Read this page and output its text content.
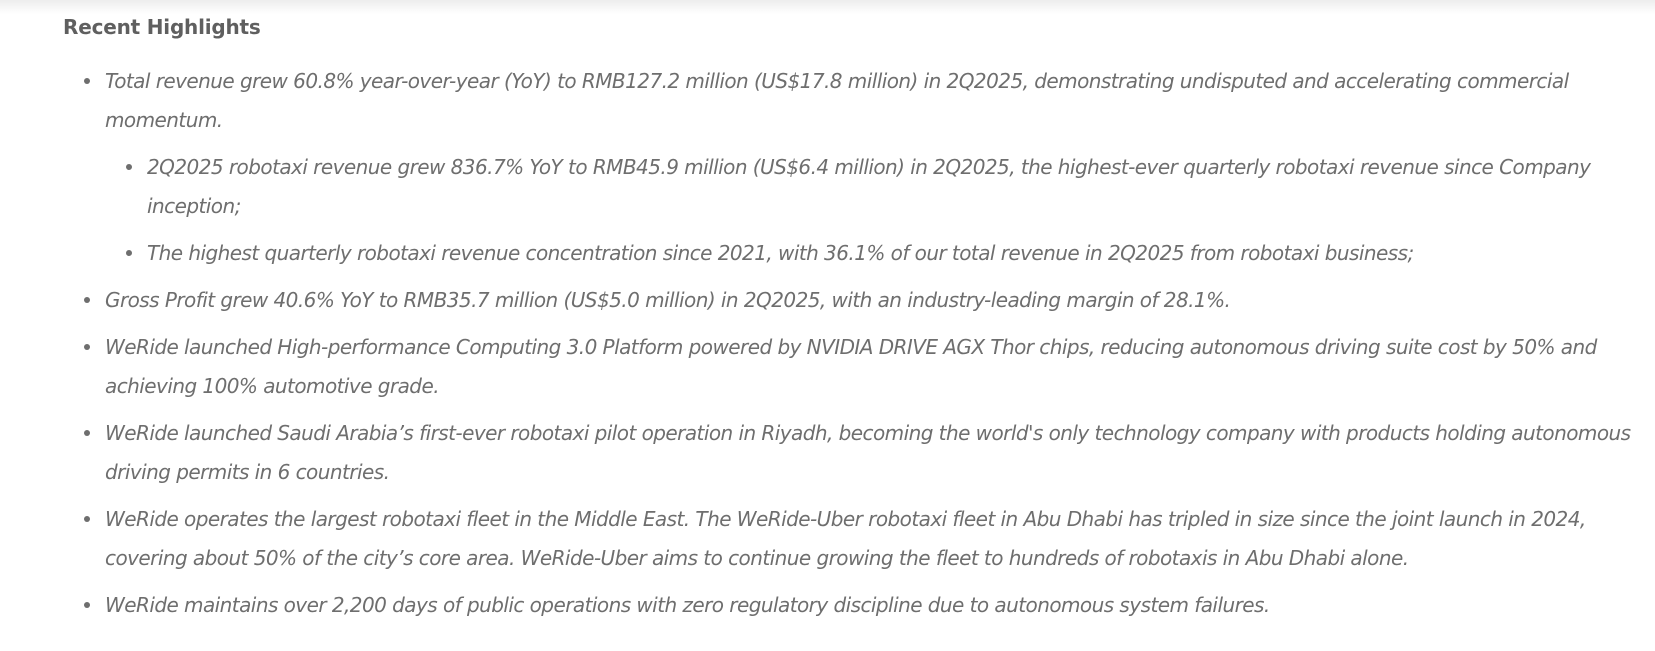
Recent Highlights
Total revenue grew 60.8% year-over-year (YoY) to RMB127.2 million (US$17.8 million) in 2Q2025, demonstrating undisputed and accelerating commercial momentum.
2Q2025 robotaxi revenue grew 836.7% YoY to RMB45.9 million (US$6.4 million) in 2Q2025, the highest-ever quarterly robotaxi revenue since Company inception;
The highest quarterly robotaxi revenue concentration since 2021, with 36.1% of our total revenue in 2Q2025 from robotaxi business;
Gross Profit grew 40.6% YoY to RMB35.7 million (US$5.0 million) in 2Q2025, with an industry-leading margin of 28.1%.
WeRide launched High-performance Computing 3.0 Platform powered by NVIDIA DRIVE AGX Thor chips, reducing autonomous driving suite cost by 50% and achieving 100% automotive grade.
WeRide launched Saudi Arabia’s first-ever robotaxi pilot operation in Riyadh, becoming the world's only technology company with products holding autonomous driving permits in 6 countries.
WeRide operates the largest robotaxi fleet in the Middle East. The WeRide-Uber robotaxi fleet in Abu Dhabi has tripled in size since the joint launch in 2024, covering about 50% of the city’s core area. WeRide-Uber aims to continue growing the fleet to hundreds of robotaxis in Abu Dhabi alone.
WeRide maintains over 2,200 days of public operations with zero regulatory discipline due to autonomous system failures.
